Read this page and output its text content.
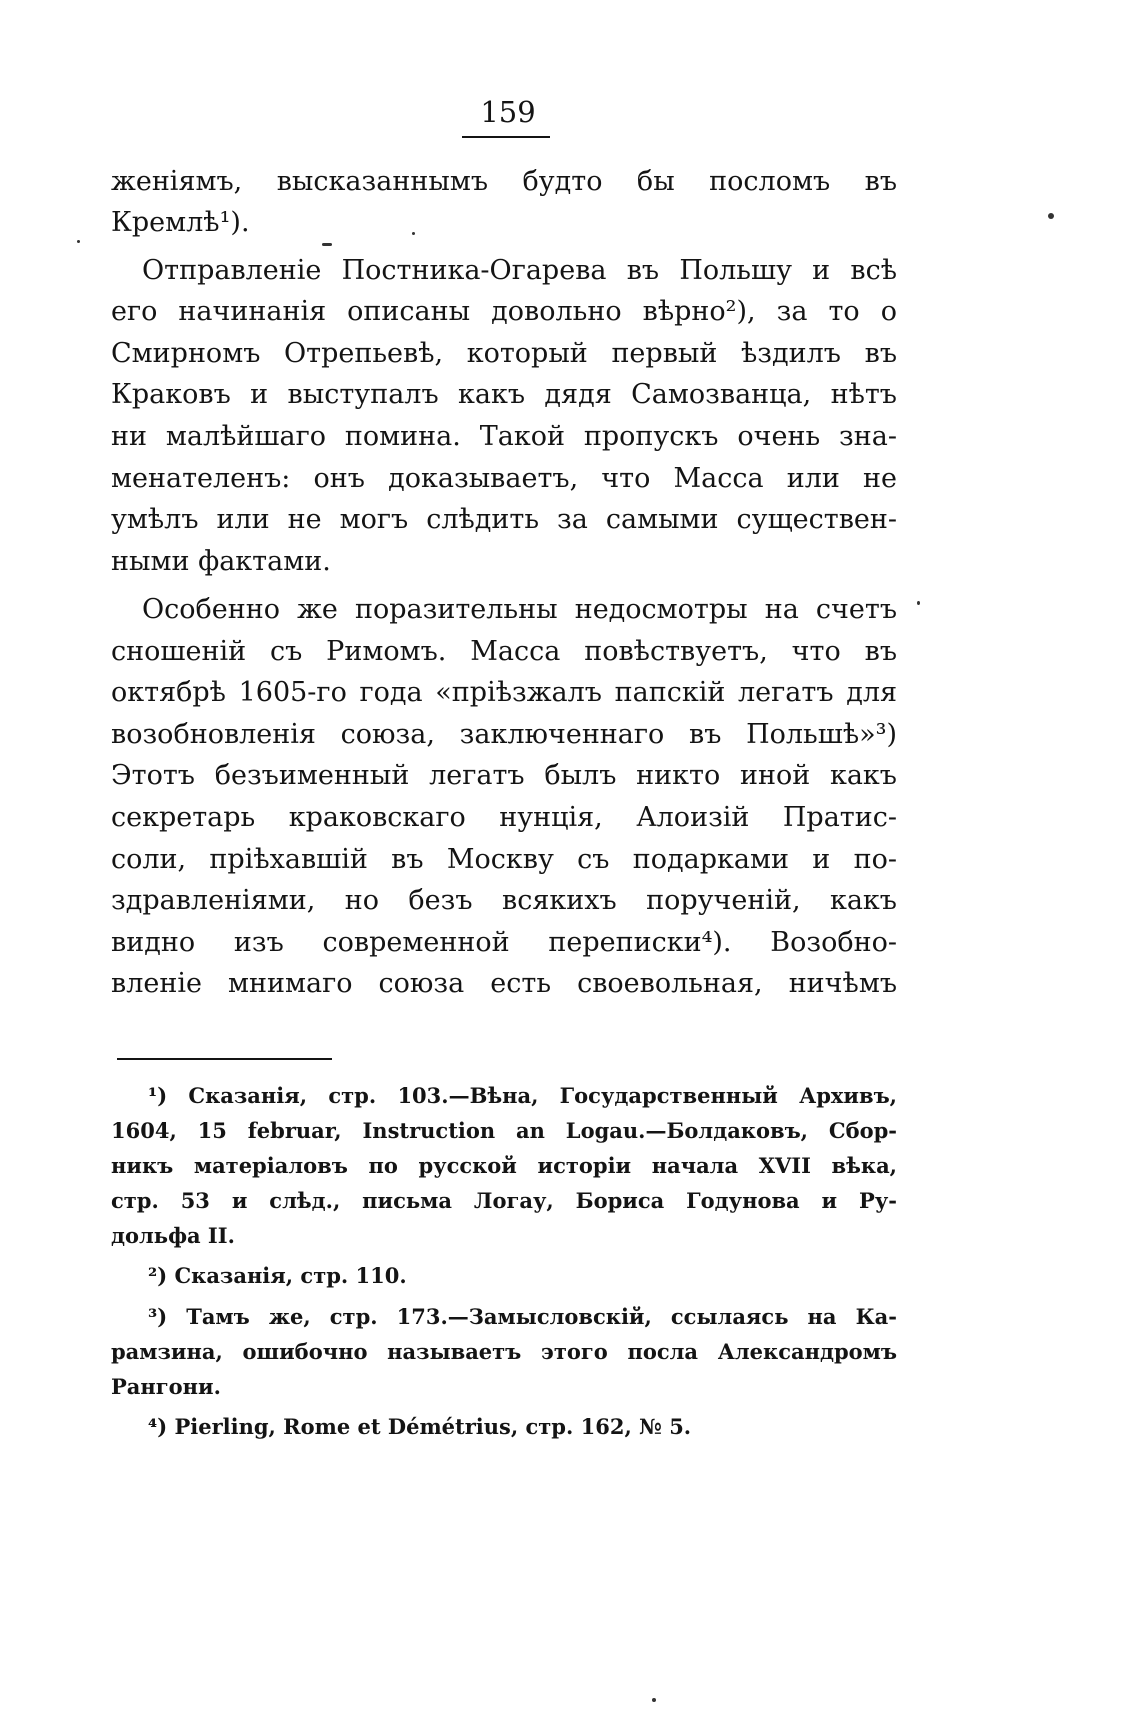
159
женіямъ, высказаннымъ будто бы посломъ въ
Кремлѣ¹).
Отправленіе Постника-Огарева въ Польшу и всѣ
его начинанія описаны довольно вѣрно²), за то о
Смирномъ Отрепьевѣ, который первый ѣздилъ въ
Краковъ и выступалъ какъ дядя Самозванца, нѣтъ
ни малѣйшаго помина. Такой пропускъ очень зна-
менателенъ: онъ доказываетъ, что Масса или не
умѣлъ или не могъ слѣдить за самыми существен-
ными фактами.
Особенно же поразительны недосмотры на счетъ
сношеній съ Римомъ. Масса повѣствуетъ, что въ
октябрѣ 1605-го года «пріѣзжалъ папскій легатъ для
возобновленія союза, заключеннаго въ Польшѣ»³)
Этотъ безъименный легатъ былъ никто иной какъ
секретарь краковскаго нунція, Алоизій Пратис-
соли, пріѣхавшій въ Москву съ подарками и по-
здравленіями, но безъ всякихъ порученій, какъ
видно изъ современной переписки⁴). Возобно-
вленіе мнимаго союза есть своевольная, ничѣмъ
¹) Сказанія, стр. 103.—Вѣна, Государственный Архивъ,
1604, 15 februar, Instruction an Logau.—Болдаковъ, Сбор-
никъ матеріаловъ по русской исторіи начала XVII вѣка,
стр. 53 и слѣд., письма Логау, Бориса Годунова и Ру-
дольфа II.
²) Сказанія, стр. 110.
³) Тамъ же, стр. 173.—Замысловскій, ссылаясь на Ка-
рамзина, ошибочно называетъ этого посла Александромъ
Рангони.
⁴) Pierling, Rome et Démétrius, стр. 162, № 5.
